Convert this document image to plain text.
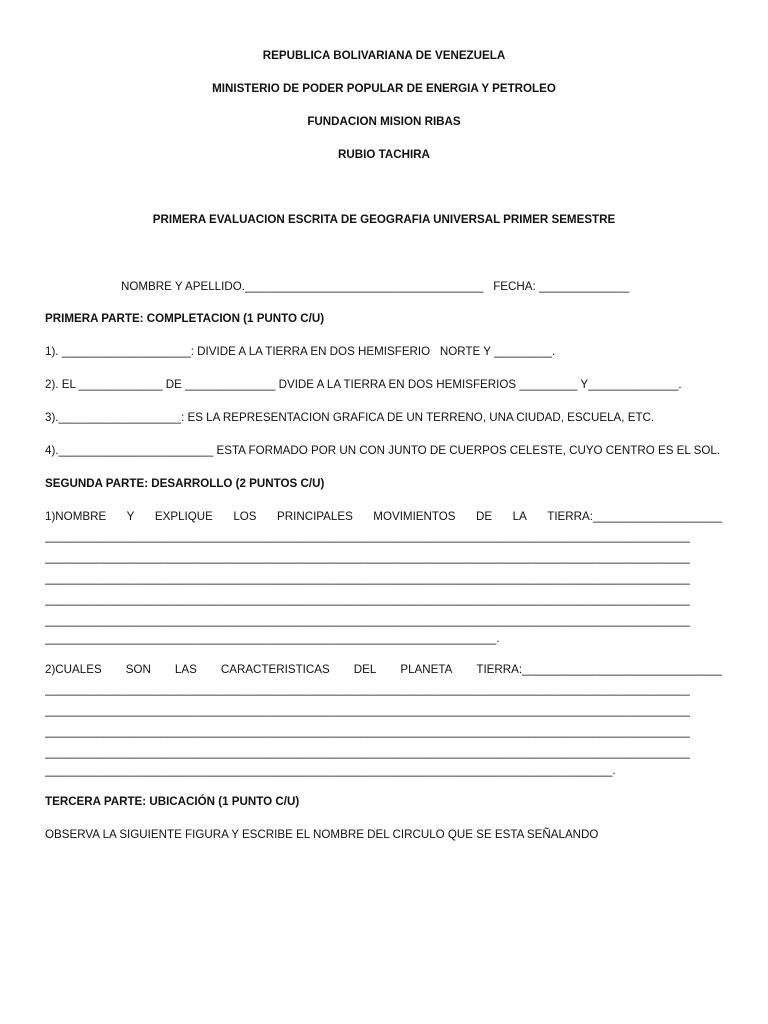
REPUBLICA BOLIVARIANA DE VENEZUELA
MINISTERIO DE PODER POPULAR DE ENERGIA Y PETROLEO
FUNDACION MISION RIBAS
RUBIO TACHIRA
PRIMERA EVALUACION ESCRITA DE GEOGRAFIA UNIVERSAL PRIMER SEMESTRE
NOMBRE Y APELLIDO._____________________________________ FECHA: ______________
PRIMERA PARTE: COMPLETACION (1 PUNTO C/U)
1). ____________________: DIVIDE A LA TIERRA EN DOS HEMISFERIO   NORTE Y _________.
2). EL _____________ DE ______________ DVIDE A LA TIERRA EN DOS HEMISFERIOS _________ Y______________.
3).___________________: ES LA REPRESENTACION GRAFICA DE UN TERRENO, UNA CIUDAD, ESCUELA, ETC.
4).________________________ ESTA FORMADO POR UN CON JUNTO DE CUERPOS CELESTE, CUYO CENTRO ES EL SOL.
SEGUNDA PARTE: DESARROLLO (2 PUNTOS C/U)
1)NOMBRE Y EXPLIQUE LOS PRINCIPALES MOVIMIENTOS DE LA TIERRA:____________________
____________________________________________________________________________________________________
____________________________________________________________________________________________________
____________________________________________________________________________________________________
____________________________________________________________________________________________________
____________________________________________________________________________________________________
______________________________________________________________________.
2)CUALES SON LAS CARACTERISTICAS DEL PLANETA TIERRA:_______________________________
____________________________________________________________________________________________________
____________________________________________________________________________________________________
____________________________________________________________________________________________________
____________________________________________________________________________________________________
________________________________________________________________________________________.
TERCERA PARTE: UBICACIÓN (1 PUNTO C/U)
OBSERVA LA SIGUIENTE FIGURA Y ESCRIBE EL NOMBRE DEL CIRCULO QUE SE ESTA SEÑALANDO
